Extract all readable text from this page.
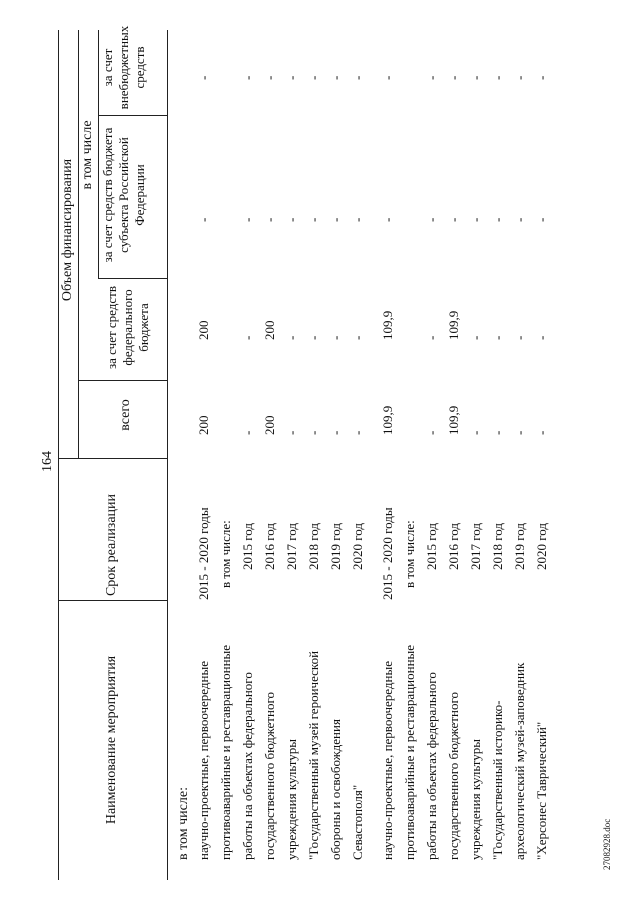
164
Наименование мероприятия
Срок реализации
Объем финансирования
всего
в том числе
за счет средств федерального бюджета
за счет средств бюджета субъекта Российской Федерации
за счет внебюджетных средств
в том числе: научно-проектные, первоочередные противоаварийные и реставрационные работы на объектах федерального государственного бюджетного учреждения культуры "Государственный музей героической обороны и освобождения Севастополя"
2015 - 2020 годы
200
200
-
-
в том числе: 2015 год
-
-
-
-
2016 год
200
200
-
-
2017 год
-
-
-
-
2018 год
-
-
-
-
2019 год
-
-
-
-
2020 год
-
-
-
-
научно-проектные, первоочередные противоаварийные и реставрационные работы на объектах федерального государственного бюджетного учреждения культуры "Государственный историко- археологический музей-заповедник "Херсонес Таврический"
2015 - 2020 годы
109,9
109,9
-
-
в том числе: 2015 год
-
-
-
-
2016 год
109,9
109,9
-
-
2017 год
-
-
-
-
2018 год
-
-
-
-
2019 год
-
-
-
-
2020 год
-
-
-
-
27082928.doc
